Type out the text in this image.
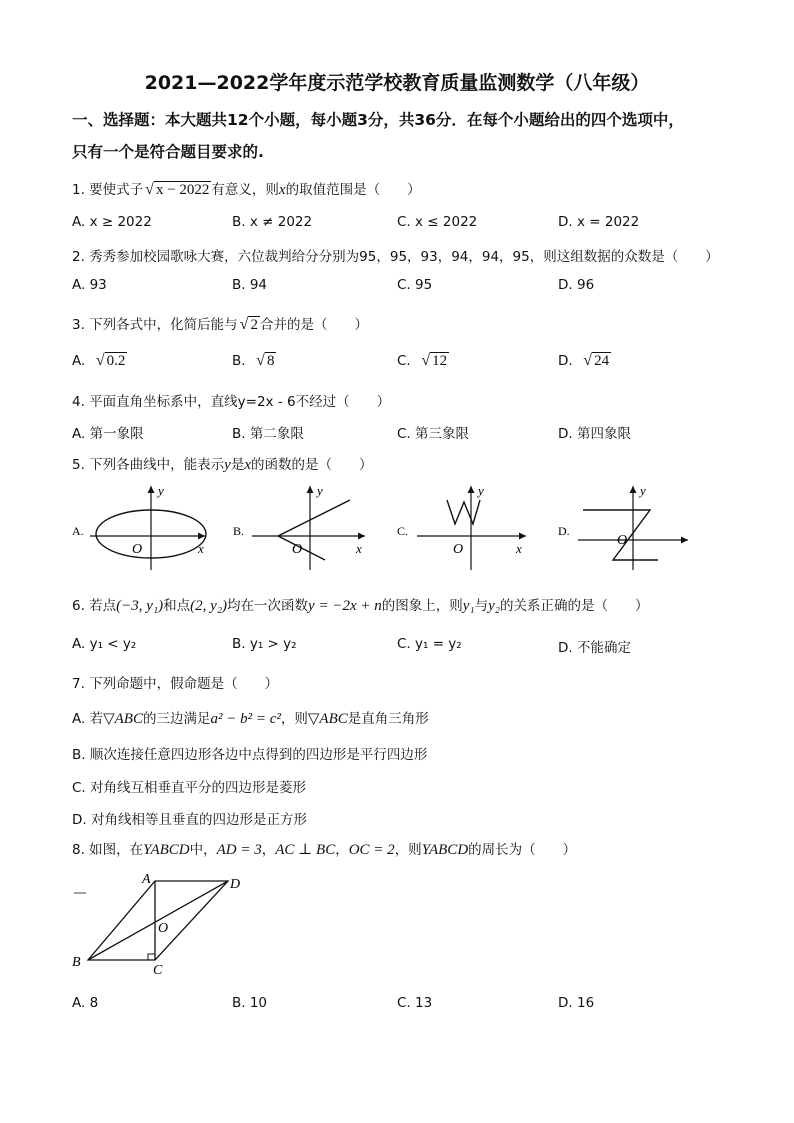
2021—2022学年度示范学校教育质量监测数学（八年级）
一、选择题：本大题共12个小题，每小题3分，共36分．在每个小题给出的四个选项中，
只有一个是符合题目要求的.
1. 要使式子 √ x − 2022 有意义，则x的取值范围是（　　）
A. x ≥ 2022	B. x ≠ 2022	C. x ≤ 2022	D. x = 2022
2. 秀秀参加校园歌咏大赛，六位裁判给分分别为95，95，93，94，94，95，则这组数据的众数是（　　）
A. 93	B. 94	C. 95	D. 96
3. 下列各式中，化简后能与 √ 2 合并的是（　　）
A. √ 0.2	B. √ 8	C. √ 12	D. √ 24
4. 平面直角坐标系中，直线y=2x - 6不经过（　　）
A. 第一象限	B. 第二象限	C. 第三象限	D. 第四象限
5. 下列各曲线中，能表示y是x的函数的是（　　）
A.
y
x
O
B.
y
x
O
C.
y
x
O
D.
y
O
6. 若点(−3, y₁)和点(2, y₂)均在一次函数y = −2x + n的图象上，则y₁与y₂的关系正确的是（　　）
A. y₁ < y₂	B. y₁ > y₂	C. y₁ = y₂	D. 不能确定
7. 下列命题中，假命题是（　　）
A. 若▽ABC的三边满足a² − b² = c²，则▽ABC是直角三角形
B. 顺次连接任意四边形各边中点得到的四边形是平行四边形
C. 对角线互相垂直平分的四边形是菱形
D. 对角线相等且垂直的四边形是正方形
8. 如图，在YABCD中，AD = 3，AC ⊥ BC，OC = 2，则YABCD的周长为（　　）
A	D
B
C
O
A. 8	B. 10	C. 13	D. 16
